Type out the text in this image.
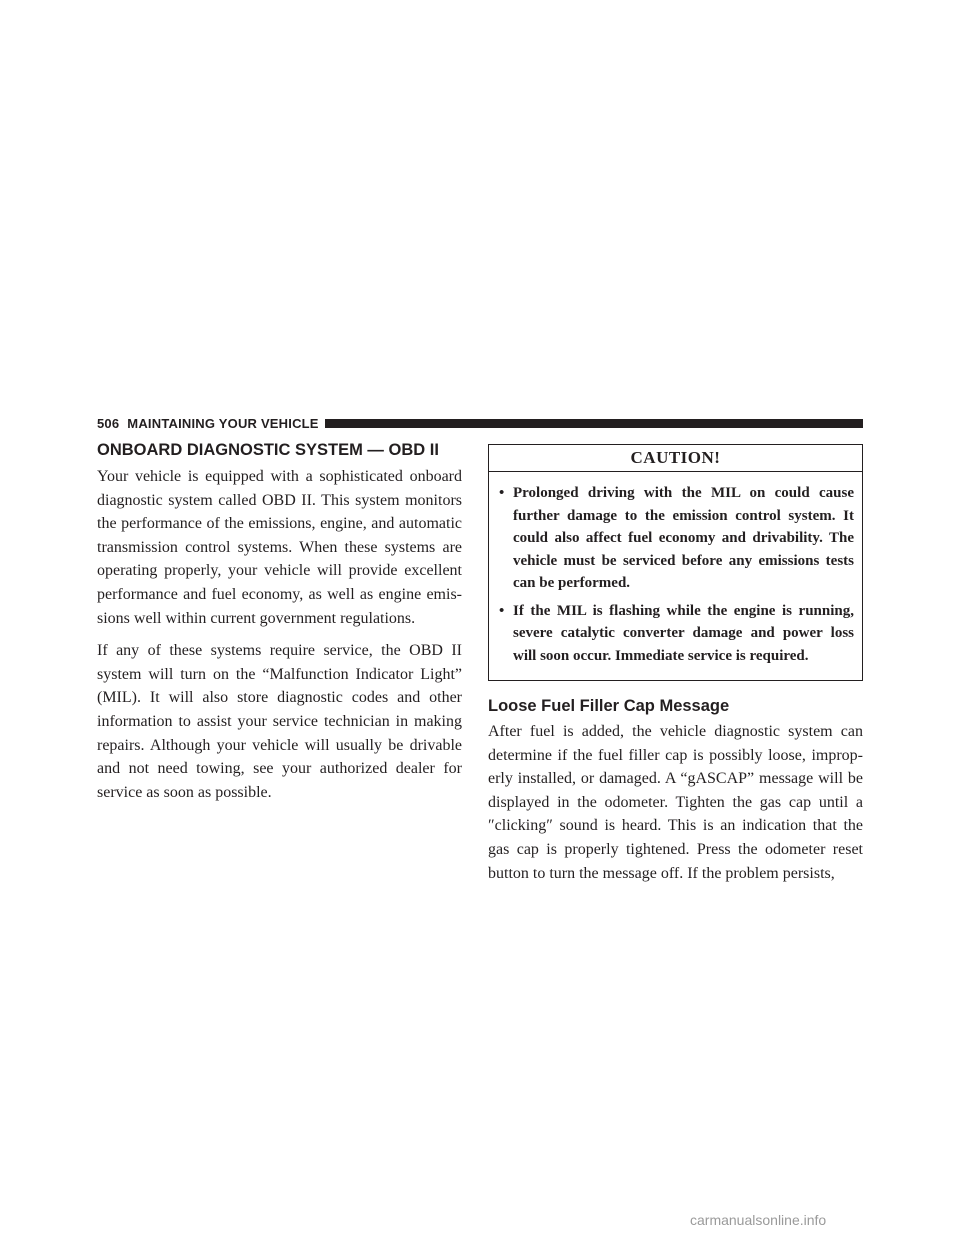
506 MAINTAINING YOUR VEHICLE
ONBOARD DIAGNOSTIC SYSTEM — OBD II

Your vehicle is equipped with a sophisticated onboard diagnostic system called OBD II. This system monitors the performance of the emissions, engine, and automatic transmission control systems. When these systems are operating properly, your vehicle will provide excellent performance and fuel economy, as well as engine emissions well within current government regulations.

If any of these systems require service, the OBD II system will turn on the “Malfunction Indicator Light” (MIL). It will also store diagnostic codes and other information to assist your service technician in making repairs. Although your vehicle will usually be drivable and not need towing, see your authorized dealer for service as soon as possible.

CAUTION!
• Prolonged driving with the MIL on could cause further damage to the emission control system. It could also affect fuel economy and drivability. The vehicle must be serviced before any emissions tests can be performed.
• If the MIL is flashing while the engine is running, severe catalytic converter damage and power loss will soon occur. Immediate service is required.
Loose Fuel Filler Cap Message

After fuel is added, the vehicle diagnostic system can determine if the fuel filler cap is possibly loose, improperly installed, or damaged. A “gASCAP” message will be displayed in the odometer. Tighten the gas cap until a ″clicking″ sound is heard. This is an indication that the gas cap is properly tightened. Press the odometer reset button to turn the message off. If the problem persists,

carmanualsonline.info
